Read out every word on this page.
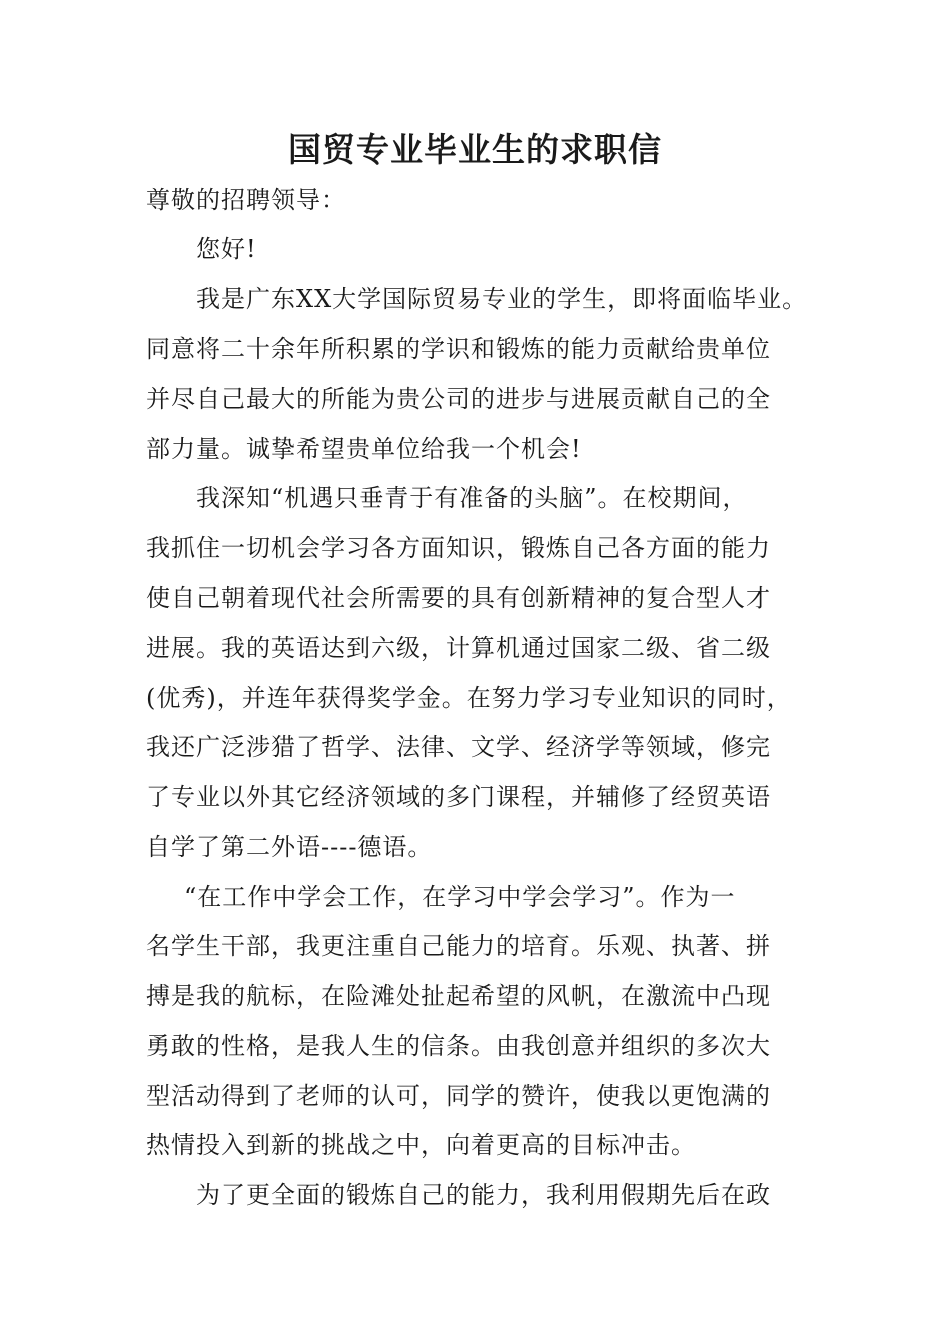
国贸专业毕业生的求职信
尊敬的招聘领导：
您好!
我是广东XX大学国际贸易专业的学生，即将面临毕业。
同意将二十余年所积累的学识和锻炼的能力贡献给贵单位
并尽自己最大的所能为贵公司的进步与进展贡献自己的全
部力量。诚挚希望贵单位给我一个机会!
我深知“机遇只垂青于有准备的头脑”。在校期间，
我抓住一切机会学习各方面知识，锻炼自己各方面的能力
使自己朝着现代社会所需要的具有创新精神的复合型人才
进展。我的英语达到六级，计算机通过国家二级、省二级
(优秀)，并连年获得奖学金。在努力学习专业知识的同时，
我还广泛涉猎了哲学、法律、文学、经济学等领域，修完
了专业以外其它经济领域的多门课程，并辅修了经贸英语
自学了第二外语----德语。
“在工作中学会工作，在学习中学会学习”。作为一
名学生干部，我更注重自己能力的培育。乐观、执著、拼
搏是我的航标，在险滩处扯起希望的风帆，在激流中凸现
勇敢的性格，是我人生的信条。由我创意并组织的多次大
型活动得到了老师的认可，同学的赞许，使我以更饱满的
热情投入到新的挑战之中，向着更高的目标冲击。
为了更全面的锻炼自己的能力，我利用假期先后在政
